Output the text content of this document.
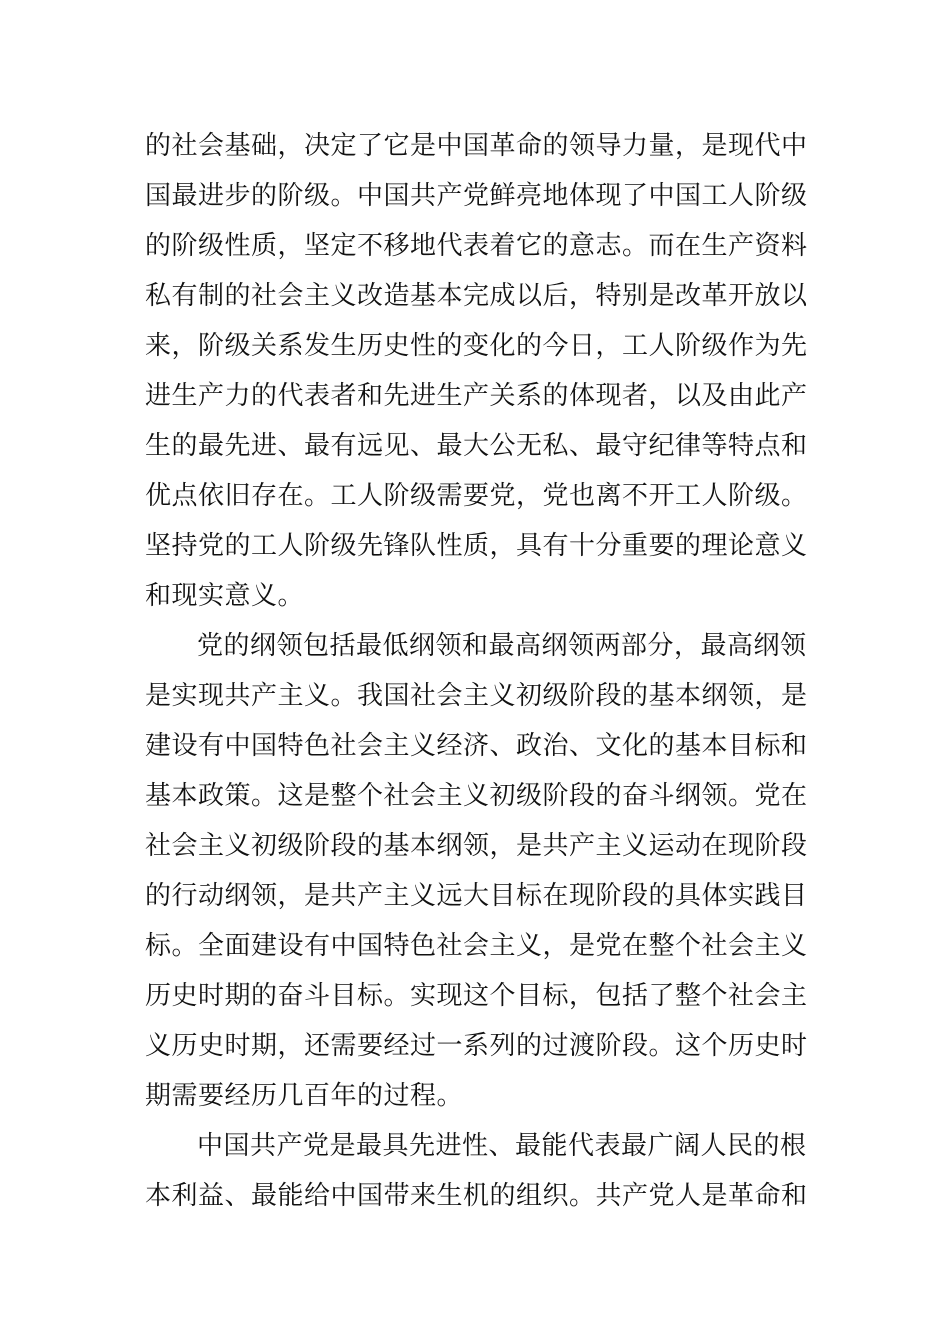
的社会基础，决定了它是中国革命的领导力量，是现代中
国最进步的阶级。中国共产党鲜亮地体现了中国工人阶级
的阶级性质，坚定不移地代表着它的意志。而在生产资料
私有制的社会主义改造基本完成以后，特别是改革开放以
来，阶级关系发生历史性的变化的今日，工人阶级作为先
进生产力的代表者和先进生产关系的体现者，以及由此产
生的最先进、最有远见、最大公无私、最守纪律等特点和
优点依旧存在。工人阶级需要党，党也离不开工人阶级。
坚持党的工人阶级先锋队性质，具有十分重要的理论意义
和现实意义。
党的纲领包括最低纲领和最高纲领两部分，最高纲领
是实现共产主义。我国社会主义初级阶段的基本纲领，是
建设有中国特色社会主义经济、政治、文化的基本目标和
基本政策。这是整个社会主义初级阶段的奋斗纲领。党在
社会主义初级阶段的基本纲领，是共产主义运动在现阶段
的行动纲领，是共产主义远大目标在现阶段的具体实践目
标。全面建设有中国特色社会主义，是党在整个社会主义
历史时期的奋斗目标。实现这个目标，包括了整个社会主
义历史时期，还需要经过一系列的过渡阶段。这个历史时
期需要经历几百年的过程。
中国共产党是最具先进性、最能代表最广阔人民的根
本利益、最能给中国带来生机的组织。共产党人是革命和
